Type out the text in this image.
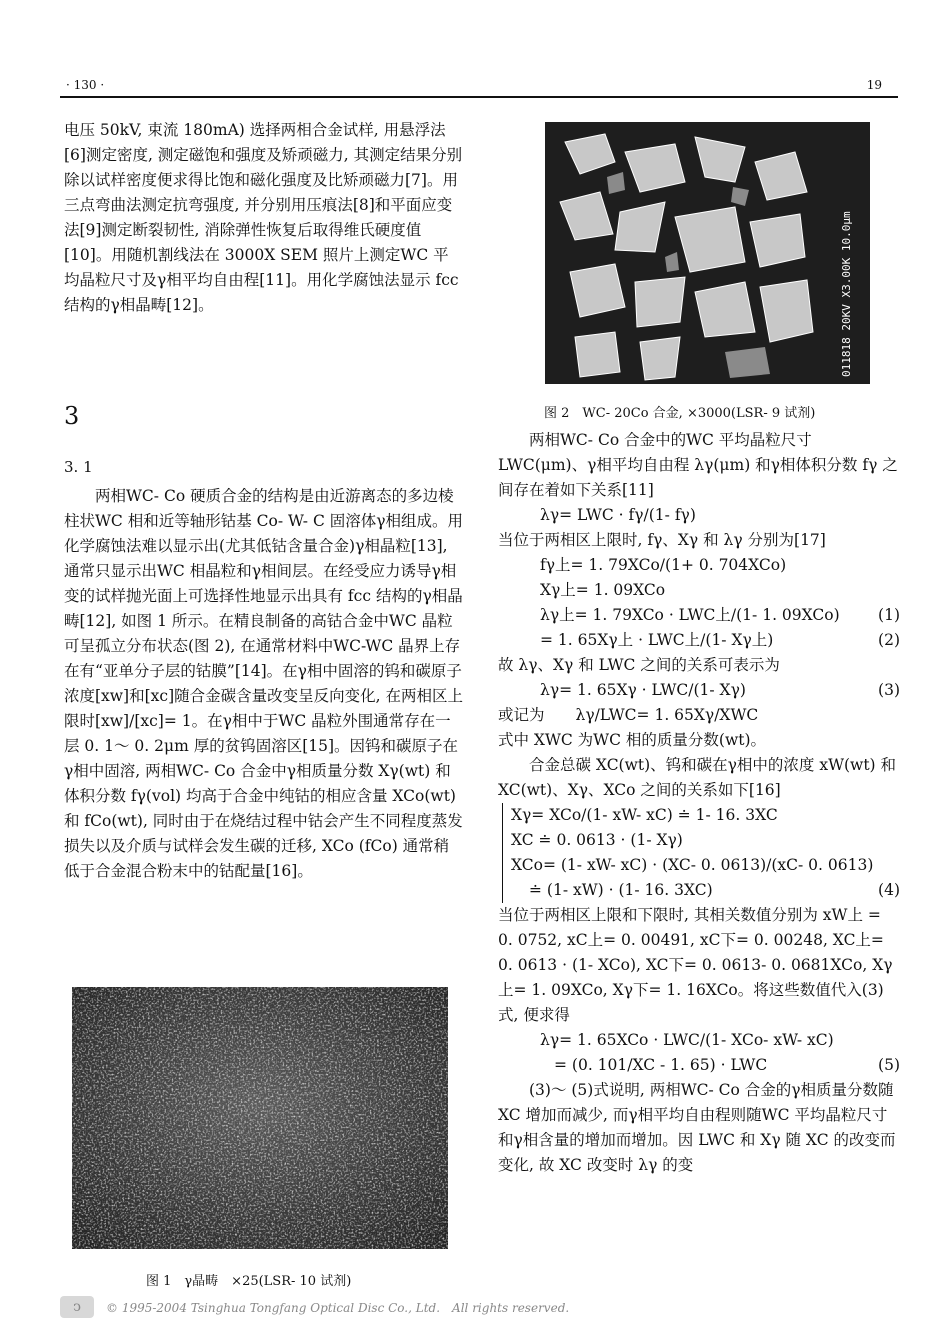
· 130 ·	19

电压 50kV, 束流 180mA) 选择两相合金试样, 用悬浮法[6]测定密度, 测定磁饱和强度及矫顽磁力, 其测定结果分别除以试样密度便求得比饱和磁化强度及比矫顽磁力[7]。用三点弯曲法测定抗弯强度, 并分别用压痕法[8]和平面应变法[9]测定断裂韧性, 消除弹性恢复后取得维氏硬度值[10]。用随机割线法在 3000X SEM 照片上测定WC 平均晶粒尺寸及γ相平均自由程[11]。用化学腐蚀法显示 fcc 结构的γ相晶畴[12]。

3
3. 1

两相WC- Co 硬质合金的结构是由近游离态的多边棱柱状WC 相和近等轴形钴基 Co- W- C 固溶体γ相组成。用化学腐蚀法难以显示出(尤其低钴含量合金)γ相晶粒[13], 通常只显示出WC 相晶粒和γ相间层。在经受应力诱导γ相变的试样抛光面上可选择性地显示出具有 fcc 结构的γ相晶畴[12], 如图 1 所示。在精良制备的高钴合金中WC 晶粒可呈孤立分布状态(图 2), 在通常材料中WC-WC 晶界上存在有“亚单分子层的钴膜”[14]。在γ相中固溶的钨和碳原子浓度[xw]和[xc]随合金碳含量改变呈反向变化, 在两相区上限时[xw]/[xc]= 1。在γ相中于WC 晶粒外围通常存在一层 0. 1～ 0. 2μm 厚的贫钨固溶区[15]。因钨和碳原子在γ相中固溶, 两相WC- Co 合金中γ相质量分数 Xγ(wt) 和体积分数 fγ(vol) 均高于合金中纯钴的相应含量 XCo(wt) 和 fCo(wt), 同时由于在烧结过程中钴会产生不同程度蒸发损失以及介质与试样会发生碳的迁移, XCo (fCo) 通常稍低于合金混合粉末中的钴配量[16]。

图 1　γ晶畴　×25(LSR- 10 试剂)
011818 20KV X3.00K 10.0μm
图 2　WC- 20Co 合金, ×3000(LSR- 9 试剂)

两相WC- Co 合金中的WC 平均晶粒尺寸 LWC(μm)、γ相平均自由程 λγ(μm) 和γ相体积分数 fγ 之间存在着如下关系[11]

λγ= LWC · fγ/(1- fγ)

当位于两相区上限时, fγ、Xγ 和 λγ 分别为[17]

fγ上= 1. 79XCo/(1+ 0. 704XCo)
Xγ上= 1. 09XCo
λγ上= 1. 79XCo · LWC上/(1- 1. 09XCo) (1)
= 1. 65Xγ上 · LWC上/(1- Xγ上)	(2)

故 λγ、Xγ 和 LWC 之间的关系可表示为

λγ= 1. 65Xγ · LWC/(1- Xγ)	(3)

或记为　　λγ/LWC= 1. 65Xγ/XWC

式中 XWC 为WC 相的质量分数(wt)。

合金总碳 XC(wt)、钨和碳在γ相中的浓度 xW(wt) 和 XC(wt)、Xγ、XCo 之间的关系如下[16]

Xγ= XCo/(1- xW- xC) ≐ 1- 16. 3XC
XC ≐ 0. 0613 · (1- Xγ)
XCo= (1- xW- xC) · (XC- 0. 0613)/(xC- 0. 0613)
≐ (1- xW) · (1- 16. 3XC)	(4)

当位于两相区上限和下限时, 其相关数值分别为 xW上 = 0. 0752, xC上= 0. 00491, xC下= 0. 00248, XC上= 0. 0613 · (1- XCo), XC下= 0. 0613- 0. 0681XCo, Xγ上= 1. 09XCo, Xγ下= 1. 16XCo。将这些数值代入(3)式, 便求得

λγ= 1. 65XCo · LWC/(1- XCo- xW- xC)
= (0. 101/XC - 1. 65) · LWC	(5)

(3)～ (5)式说明, 两相WC- Co 合金的γ相质量分数随 XC 增加而减少, 而γ相平均自由程则随WC 平均晶粒尺寸和γ相含量的增加而增加。因 LWC 和 Xγ 随 XC 的改变而变化, 故 XC 改变时 λγ 的变

ↄ	© 1995-2004 Tsinghua Tongfang Optical Disc Co., Ltd.　All rights reserved.
